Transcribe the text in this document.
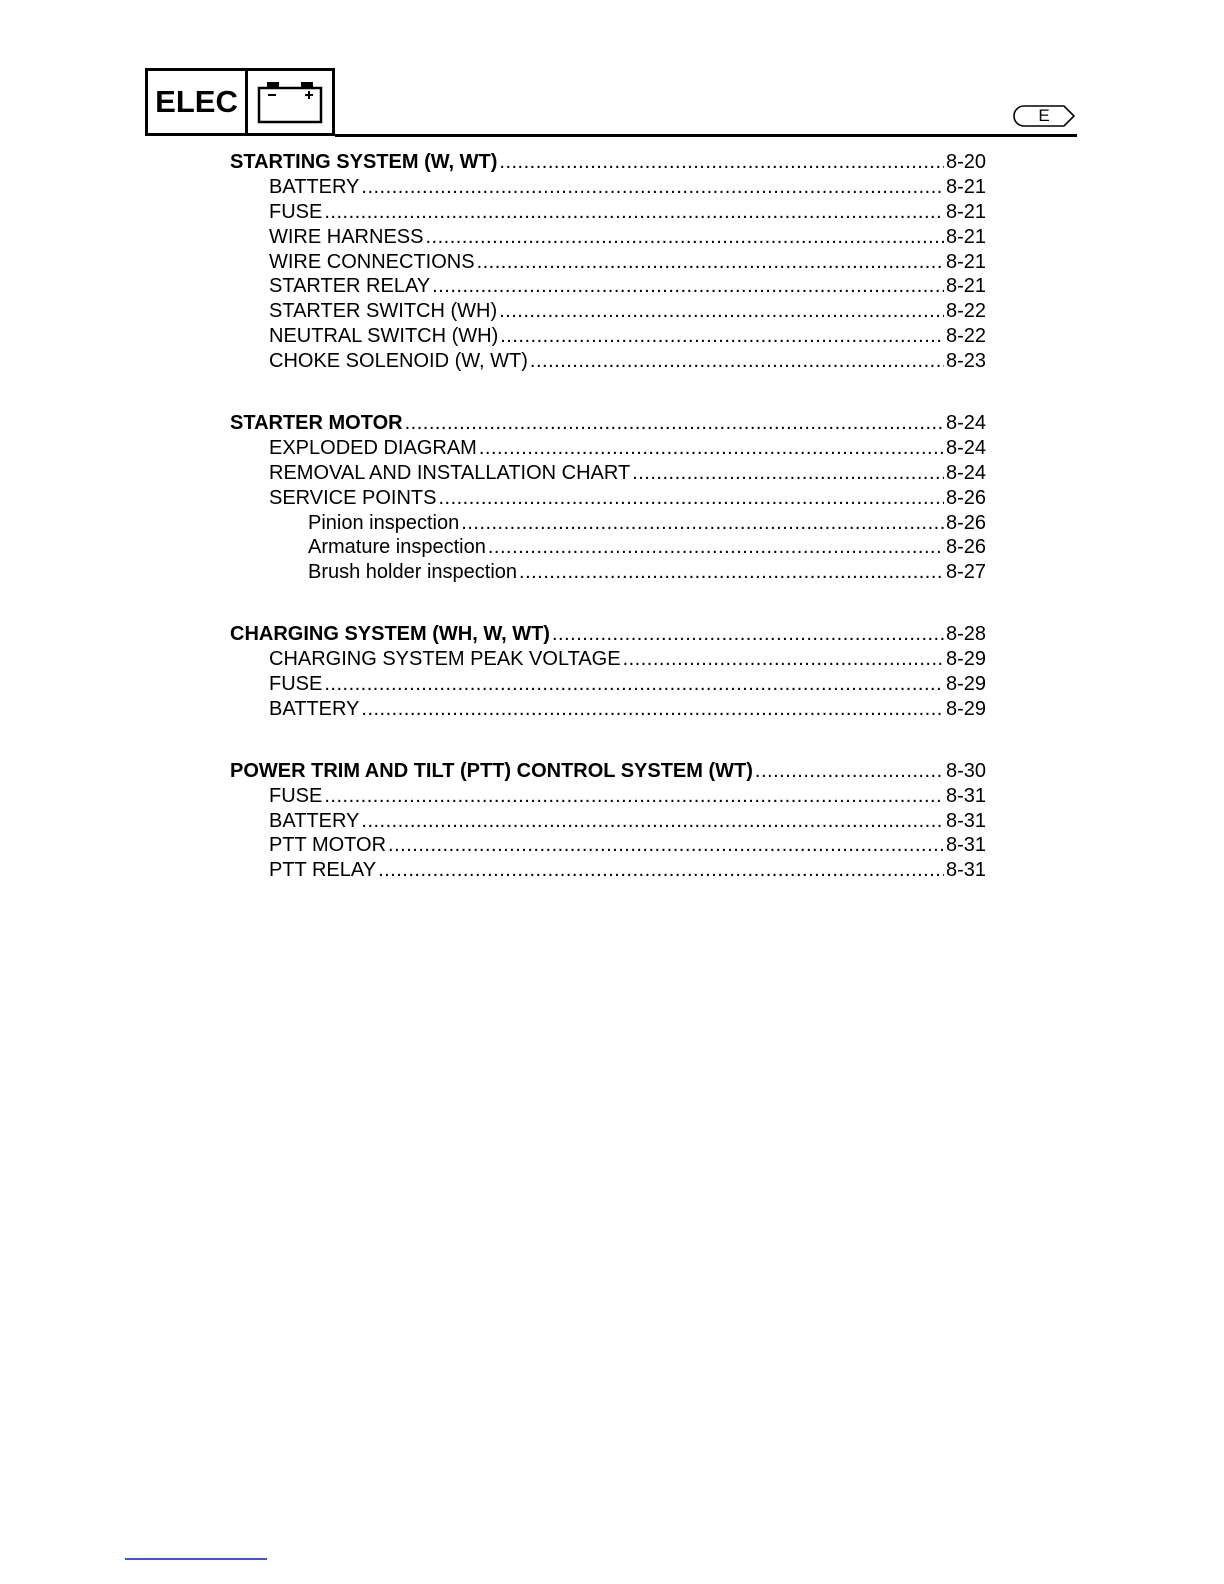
ELEC	E
STARTING SYSTEM (W, WT) .....	8-20
BATTERY .....	8-21
FUSE .....	8-21
WIRE HARNESS .....	8-21
WIRE CONNECTIONS .....	8-21
STARTER RELAY .....	8-21
STARTER SWITCH (WH) .....	8-22
NEUTRAL SWITCH (WH) .....	8-22
CHOKE SOLENOID (W, WT) .....	8-23
STARTER MOTOR .....	8-24
EXPLODED DIAGRAM .....	8-24
REMOVAL AND INSTALLATION CHART .....	8-24
SERVICE POINTS .....	8-26
Pinion inspection .....	8-26
Armature inspection .....	8-26
Brush holder inspection .....	8-27
CHARGING SYSTEM (WH, W, WT) .....	8-28
CHARGING SYSTEM PEAK VOLTAGE .....	8-29
FUSE .....	8-29
BATTERY .....	8-29
POWER TRIM AND TILT (PTT) CONTROL SYSTEM (WT) .....	8-30
FUSE .....	8-31
BATTERY .....	8-31
PTT MOTOR .....	8-31
PTT RELAY .....	8-31
